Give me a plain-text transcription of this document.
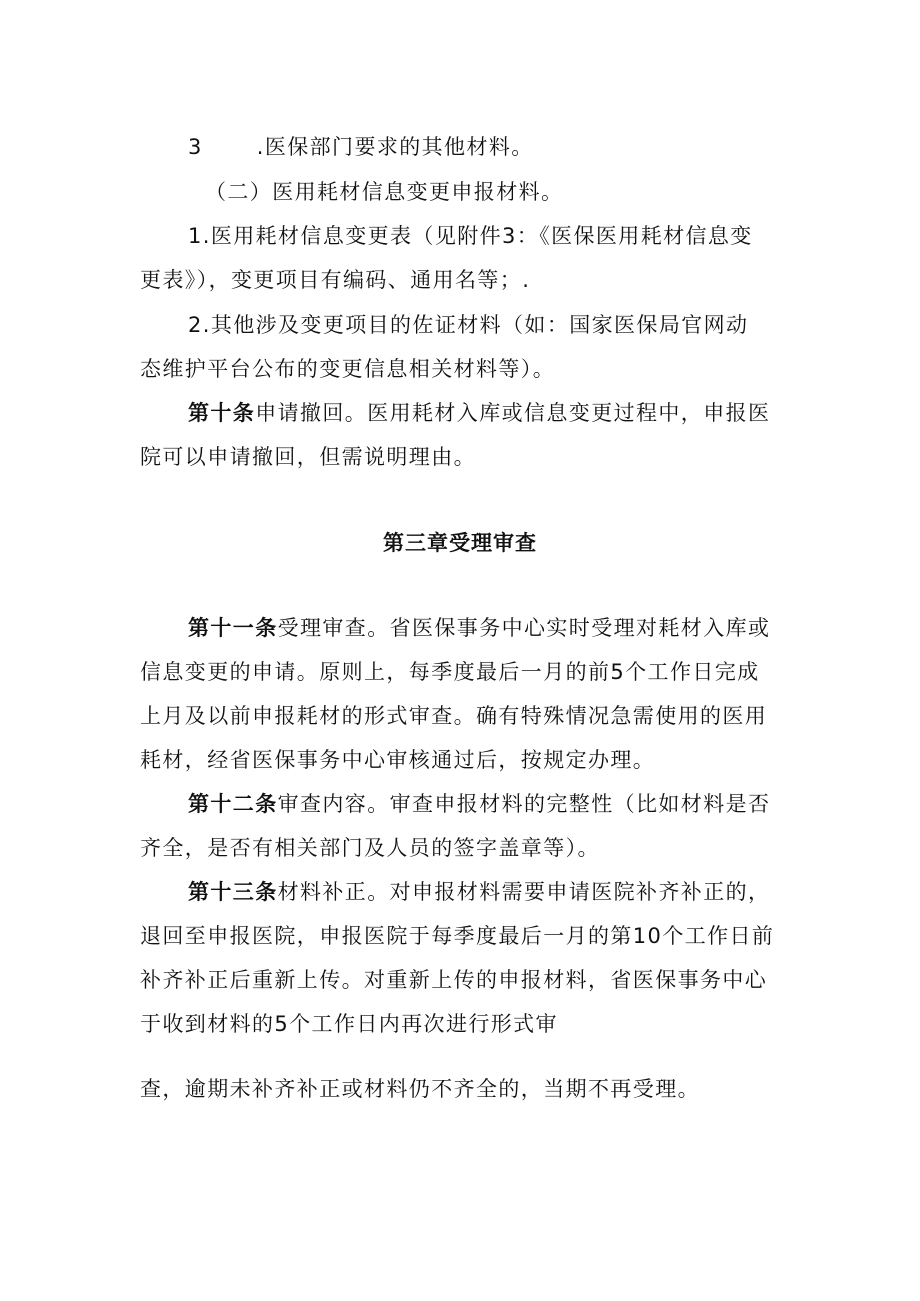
3	.医保部门要求的其他材料。
（二）医用耗材信息变更申报材料。
1.医用耗材信息变更表（见附件3：《医保医用耗材信息变
更表》），变更项目有编码、通用名等；.
2.其他涉及变更项目的佐证材料（如：国家医保局官网动
态维护平台公布的变更信息相关材料等）。
第十条申请撤回。医用耗材入库或信息变更过程中，申报医
院可以申请撤回，但需说明理由。
第三章受理审查
第十一条受理审查。省医保事务中心实时受理对耗材入库或
信息变更的申请。原则上，每季度最后一月的前5个工作日完成
上月及以前申报耗材的形式审查。确有特殊情况急需使用的医用
耗材，经省医保事务中心审核通过后，按规定办理。
第十二条审查内容。审查申报材料的完整性（比如材料是否
齐全，是否有相关部门及人员的签字盖章等）。
第十三条材料补正。对申报材料需要申请医院补齐补正的，
退回至申报医院，申报医院于每季度最后一月的第10个工作日前
补齐补正后重新上传。对重新上传的申报材料，省医保事务中心
于收到材料的5个工作日内再次进行形式审
查，逾期未补齐补正或材料仍不齐全的，当期不再受理。
